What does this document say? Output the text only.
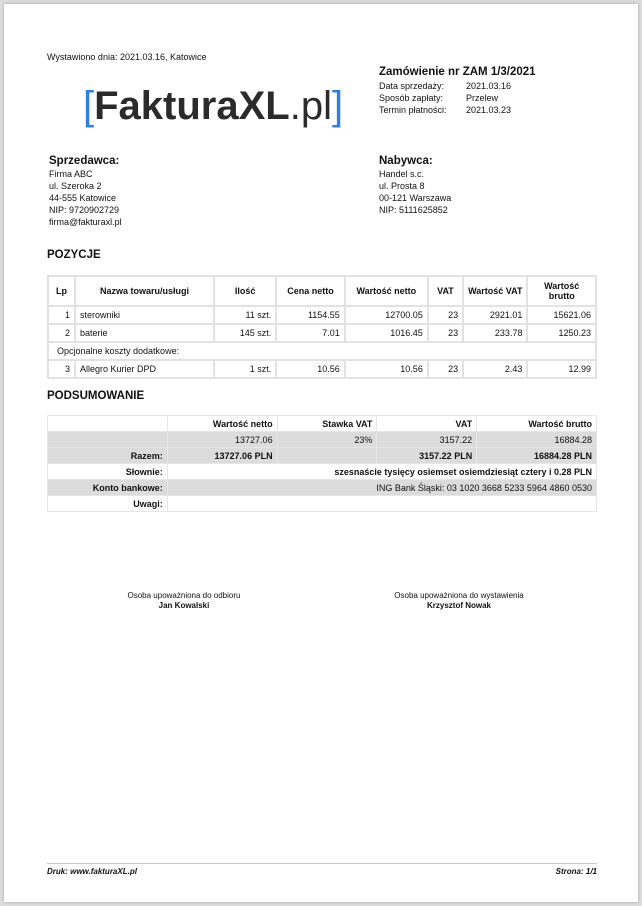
Wystawiono dnia: 2021.03.16, Katowice
[FakturaXL.pl]
Zamówienie nr ZAM 1/3/2021
Data sprzedaży:	2021.03.16
Sposób zapłaty:	Przelew
Termin płatności:	2021.03.23
Sprzedawca:
Firma ABC
ul. Szeroka 2
44-555 Katowice
NIP: 9720902729
firma@fakturaxl.pl
Nabywca:
Handel s.c.
ul. Prosta 8
00-121 Warszawa
NIP: 5111625852
POZYCJE
Lp	Nazwa towaru/usługi	Ilość	Cena netto	Wartość netto	VAT	Wartość VAT	Wartość brutto
1	sterowniki	11 szt.	1154.55	12700.05	23	2921.01	15621.06
2	baterie	145 szt.	7.01	1016.45	23	233.78	1250.23
Opcjonalne koszty dodatkowe:							
3	Allegro Kurier DPD	1 szt.	10.56	10.56	23	2.43	12.99
PODSUMOWANIE
	Wartość netto	Stawka VAT	VAT	Wartość brutto
	13727.06	23%	3157.22	16884.28
Razem:	13727.06 PLN		3157.22 PLN	16884.28 PLN
Słownie:	szesnaście tysięcy osiemset osiemdziesiąt cztery i 0.28 PLN			
Konto bankowe:	ING Bank Śląski: 03 1020 3668 5233 5964 4860 0530			
Uwagi:				
Osoba upoważniona do odbioru
Jan Kowalski
Osoba upoważniona do wystawienia
Krzysztof Nowak
Druk: www.fakturaXL.pl	Strona: 1/1
